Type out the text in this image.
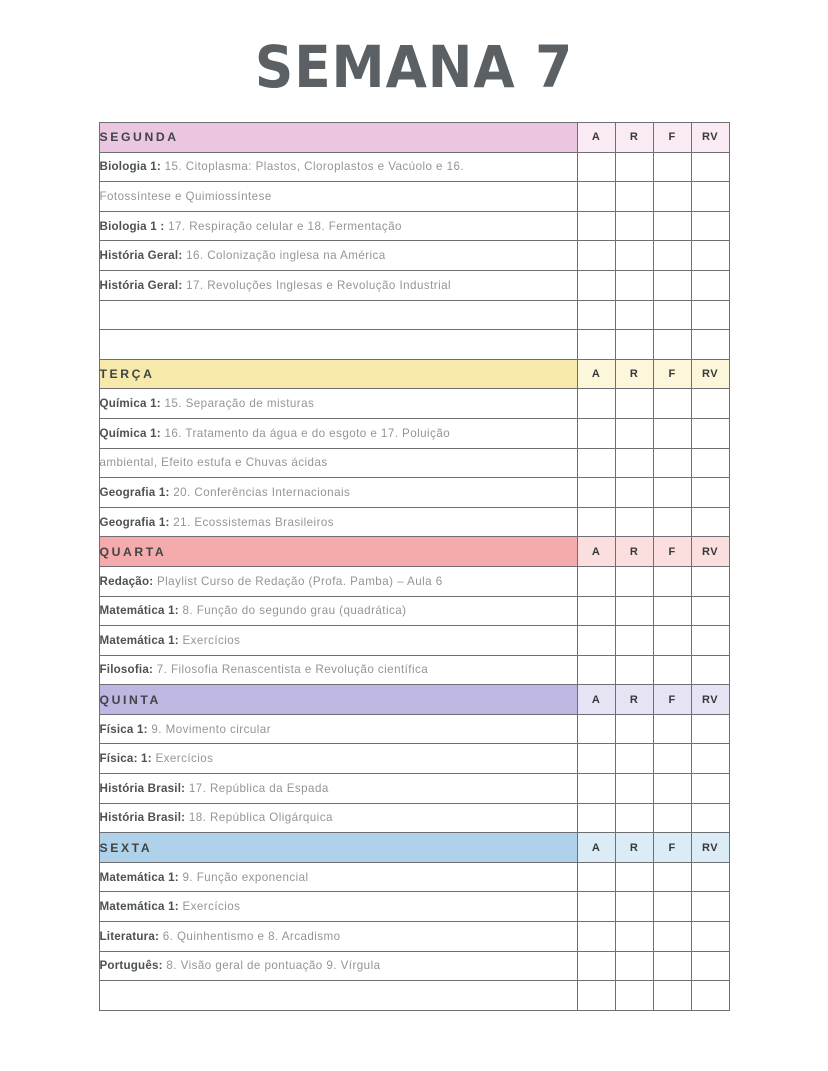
SEMANA 7
SEGUNDA	A	R	F	RV
Biologia 1: 15. Citoplasma: Plastos, Cloroplastos e Vacúolo e 16.				
Fotossíntese e Quimiossíntese				
Biologia 1 : 17. Respiração celular e 18. Fermentação				
História Geral: 16. Colonização inglesa na América				
História Geral: 17. Revoluções Inglesas e Revolução Industrial				

TERÇA	A	R	F	RV
Química 1: 15. Separação de misturas				
Química 1: 16. Tratamento da água e do esgoto e 17. Poluição				
ambiental, Efeito estufa e Chuvas ácidas				
Geografia 1: 20. Conferências Internacionais				
Geografia 1: 21. Ecossistemas Brasileiros				
QUARTA	A	R	F	RV
Redação: Playlist Curso de Redação (Profa. Pamba) – Aula 6				
Matemática 1: 8. Função do segundo grau (quadrática)				
Matemática 1: Exercícios				
Filosofia: 7. Filosofia Renascentista e Revolução científica				
QUINTA	A	R	F	RV
Física 1: 9. Movimento circular				
Física: 1: Exercícios				
História Brasil: 17. República da Espada				
História Brasil: 18. República Oligárquica				
SEXTA	A	R	F	RV
Matemática 1: 9. Função exponencial				
Matemática 1: Exercícios				
Literatura: 6. Quinhentismo e 8. Arcadismo				
Português: 8. Visão geral de pontuação 9. Vírgula				
